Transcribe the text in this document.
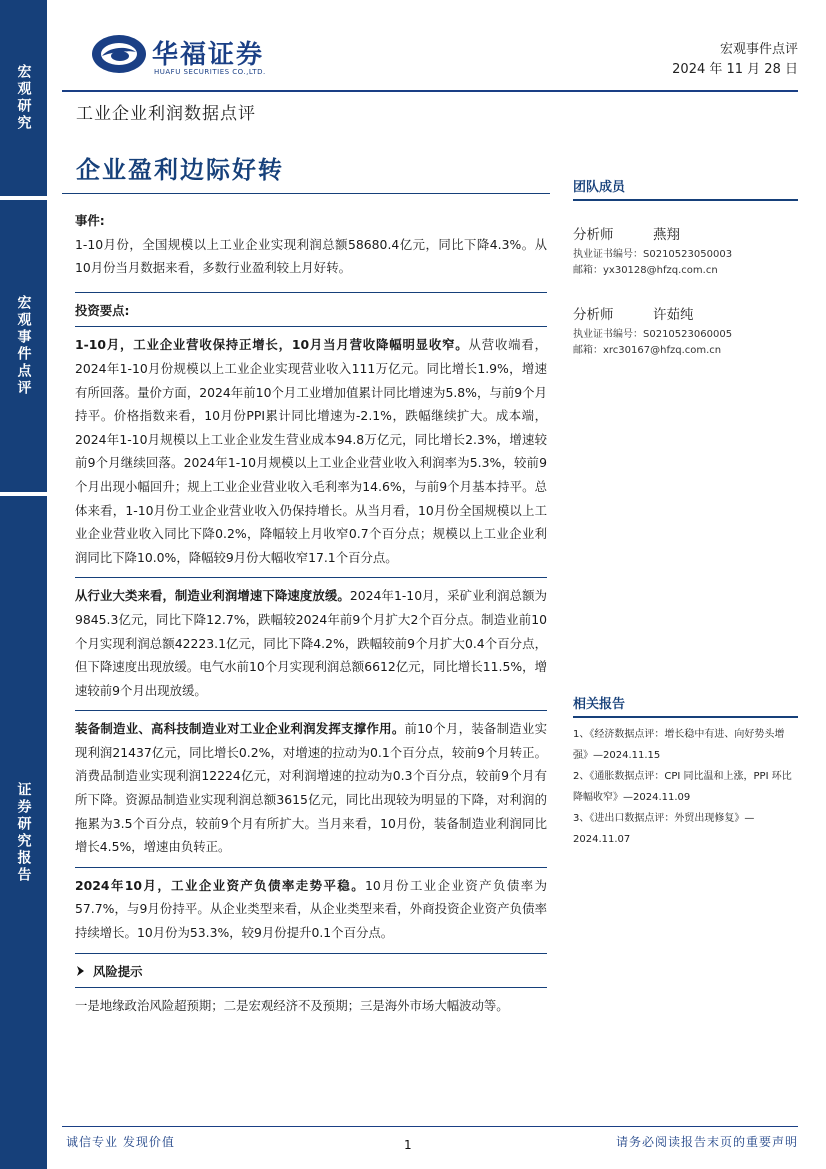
宏观研究
宏观事件点评
证券研究报告
华福证券
HUAFU SECURITIES CO.,LTD.
宏观事件点评
2024 年 11 月 28 日
工业企业利润数据点评
企业盈利边际好转

事件:

1-10月份，全国规模以上工业企业实现利润总额58680.4亿元，同比下降4.3%。从10月份当月数据来看，多数行业盈利较上月好转。

投资要点:

1-10月，工业企业营收保持正增长，10月当月营收降幅明显收窄。从营收端看，2024年1-10月份规模以上工业企业实现营业收入111万亿元。同比增长1.9%，增速有所回落。量价方面，2024年前10个月工业增加值累计同比增速为5.8%，与前9个月持平。价格指数来看，10月份PPI累计同比增速为-2.1%，跌幅继续扩大。成本端，2024年1-10月规模以上工业企业发生营业成本94.8万亿元，同比增长2.3%，增速较前9个月继续回落。2024年1-10月规模以上工业企业营业收入利润率为5.3%，较前9个月出现小幅回升；规上工业企业营业收入毛利率为14.6%，与前9个月基本持平。总体来看，1-10月份工业企业营业收入仍保持增长。从当月看，10月份全国规模以上工业企业营业收入同比下降0.2%，降幅较上月收窄0.7个百分点；规模以上工业企业利润同比下降10.0%，降幅较9月份大幅收窄17.1个百分点。

从行业大类来看，制造业利润增速下降速度放缓。2024年1-10月，采矿业利润总额为9845.3亿元，同比下降12.7%，跌幅较2024年前9个月扩大2个百分点。制造业前10个月实现利润总额42223.1亿元，同比下降4.2%，跌幅较前9个月扩大0.4个百分点，但下降速度出现放缓。电气水前10个月实现利润总额6612亿元，同比增长11.5%，增速较前9个月出现放缓。

装备制造业、高科技制造业对工业企业利润发挥支撑作用。前10个月，装备制造业实现利润21437亿元，同比增长0.2%，对增速的拉动为0.1个百分点，较前9个月转正。消费品制造业实现利润12224亿元，对利润增速的拉动为0.3个百分点，较前9个月有所下降。资源品制造业实现利润总额3615亿元，同比出现较为明显的下降，对利润的拖累为3.5个百分点，较前9个月有所扩大。当月来看，10月份，装备制造业利润同比增长4.5%，增速由负转正。

2024年10月，工业企业资产负债率走势平稳。10月份工业企业资产负债率为57.7%，与9月份持平。从企业类型来看，从企业类型来看，外商投资企业资产负债率持续增长。10月份为53.3%，较9月份提升0.1个百分点。

风险提示

一是地缘政治风险超预期；二是宏观经济不及预期；三是海外市场大幅波动等。

团队成员
分析师	燕翔
执业证书编号：S0210523050003
邮箱：yx30128@hfzq.com.cn
分析师	许茹纯
执业证书编号：S0210523060005
邮箱：xrc30167@hfzq.com.cn
相关报告
1、《经济数据点评：增长稳中有进、向好势头增强》—2024.11.15
2、《通胀数据点评：CPI 同比温和上涨，PPI 环比降幅收窄》—2024.11.09
3、《进出口数据点评：外贸出现修复》—2024.11.07
诚信专业 发现价值	1	请务必阅读报告末页的重要声明
